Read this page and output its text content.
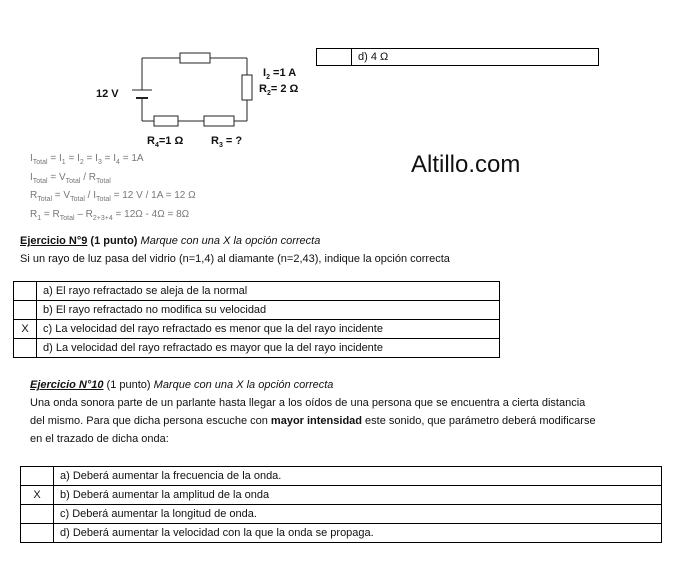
12 V
$I_2 =1$ A
$R_2= 2$ Ω
$R_4=1$ Ω	$R_3$ = ?
	d) 4 Ω
$I_{Total} = I_1 = I_2 = I_3 = I_4 = 1A$
$I_{Total} = V_{Total} / R_{Total}$
$R_{Total} = V_{Total} / I_{Total} = 12$ V / 1A = 12 Ω
$R_1 = R_{Total} - R_{2+3+4} = 12\Omega - 4\Omega = 8\Omega$
Altillo.com
Ejercicio N°9 (1 punto) Marque con una X la opción correcta
Si un rayo de luz pasa del vidrio (n=1,4) al diamante (n=2,43), indique la opción correcta
	a) El rayo refractado se aleja de la normal
	b) El rayo refractado no modifica su velocidad
X	c) La velocidad del rayo refractado es menor que la del rayo incidente
	d) La velocidad del rayo refractado es mayor que la del rayo incidente
Ejercicio N°10 (1 punto) Marque con una X la opción correcta
Una onda sonora parte de un parlante hasta llegar a los oídos de una persona que se encuentra a cierta distancia
del mismo. Para que dicha persona escuche con mayor intensidad este sonido, que parámetro deberá modificarse
en el trazado de dicha onda:
	a) Deberá aumentar la frecuencia de la onda.
X	b) Deberá aumentar la amplitud de la onda
	c) Deberá aumentar la longitud de onda.
	d) Deberá aumentar la velocidad con la que la onda se propaga.
